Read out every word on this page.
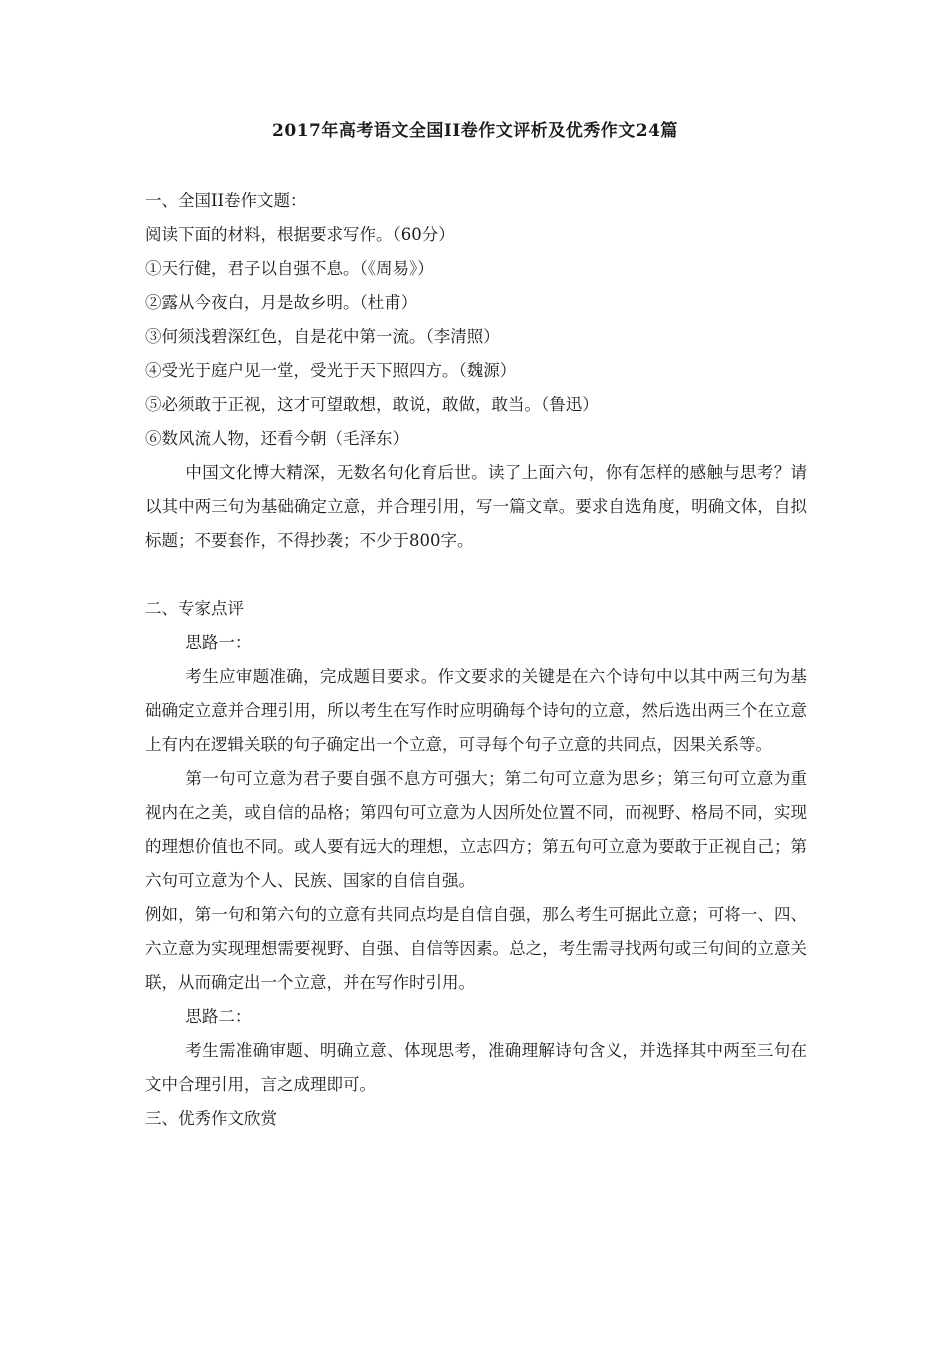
2017年高考语文全国II卷作文评析及优秀作文24篇

一、全国II卷作文题：

阅读下面的材料，根据要求写作。（60分）

①天行健，君子以自强不息。（《周易》）

②露从今夜白，月是故乡明。（杜甫）

③何须浅碧深红色，自是花中第一流。（李清照）

④受光于庭户见一堂，受光于天下照四方。（魏源）

⑤必须敢于正视，这才可望敢想，敢说，敢做，敢当。（鲁迅）

⑥数风流人物，还看今朝（毛泽东）

中国文化博大精深，无数名句化育后世。读了上面六句，你有怎样的感触与思考？请以其中两三句为基础确定立意，并合理引用，写一篇文章。要求自选角度，明确文体，自拟标题；不要套作，不得抄袭；不少于800字。

二、专家点评

思路一：

考生应审题准确，完成题目要求。作文要求的关键是在六个诗句中以其中两三句为基础确定立意并合理引用，所以考生在写作时应明确每个诗句的立意，然后选出两三个在立意上有内在逻辑关联的句子确定出一个立意，可寻每个句子立意的共同点，因果关系等。

第一句可立意为君子要自强不息方可强大；第二句可立意为思乡；第三句可立意为重视内在之美，或自信的品格；第四句可立意为人因所处位置不同，而视野、格局不同，实现的理想价值也不同。或人要有远大的理想，立志四方；第五句可立意为要敢于正视自己；第六句可立意为个人、民族、国家的自信自强。

例如，第一句和第六句的立意有共同点均是自信自强，那么考生可据此立意；可将一、四、六立意为实现理想需要视野、自强、自信等因素。总之，考生需寻找两句或三句间的立意关联，从而确定出一个立意，并在写作时引用。

思路二：

考生需准确审题、明确立意、体现思考，准确理解诗句含义，并选择其中两至三句在文中合理引用，言之成理即可。

三、优秀作文欣赏
